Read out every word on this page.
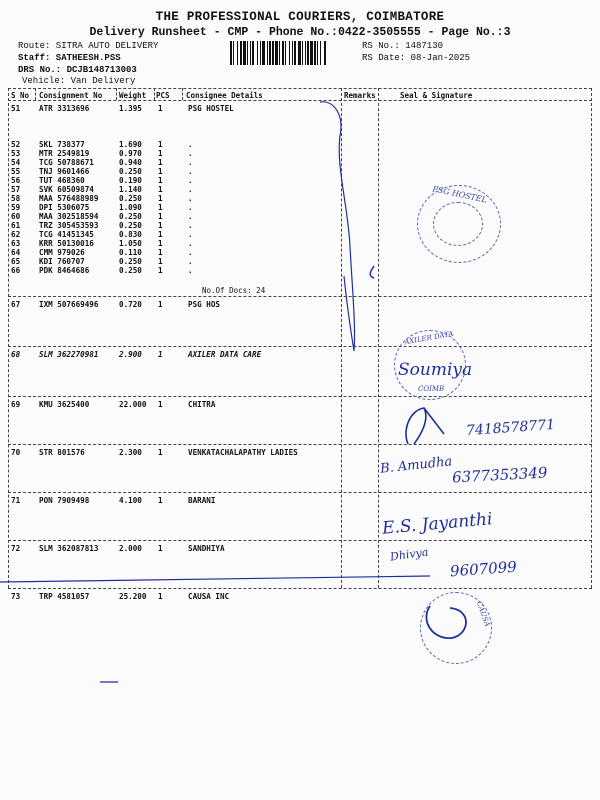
THE PROFESSIONAL COURIERS, COIMBATORE
Delivery Runsheet - CMP - Phone No.:0422-3505555 - Page No.:3
Route: SITRA AUTO DELIVERY
Staff: SATHEESH.PSS
DRS No.: DCJB148713003
Vehicle: Van Delivery
RS No.: 1487130
RS Date: 08-Jan-2025
S No Consignment No Weight PCS Consignee Details	Remarks	Seal & Signature
51 ATR 3313696	1.395 1	PSG HOSTEL
52 SKL 738377	1.690 1	.
53 MTR 2549819	0.970 1	.
54 TCG 50788671	0.940 1	.
55 TNJ 9601466	0.250 1	.
56 TUT 468360	0.190 1	.
57 SVK 60509874	1.140 1	.
58 MAA 576488989	0.250 1	.
59 DPI 5306075	1.090 1	.
60 MAA 302518594	0.250 1	.
61 TRZ 305453593	0.250 1	.
62 TCG 41451345	0.830 1	.
63 KRR 50130016	1.050 1	.
64 CMM 979026	0.110 1	.
65 KDI 760707	0.250 1	.
66 PDK 8464686	0.250 1	.
No.Of Docs: 24
67 IXM 507669496	0.720 1	PSG HOS
68 SLM 362270981	2.900 1	AXILER DATA CARE
69 KMU 3625400	22.000 1	CHITRA
70 STR 801576	2.300 1	VENKATACHALAPATHY LADIES
71 PON 7909498	4.100 1	BARANI
72 SLM 362087813	2.000 1	SANDHIYA
73 TRP 4581057	25.200 1	CAUSA INC
PSG HOSTEL
AXILER DATA
COIMB
CAUSA
Soumiya
7418578771
B. Amudha
6377353349
E.S. Jayanthi
Dhivya
9607099
